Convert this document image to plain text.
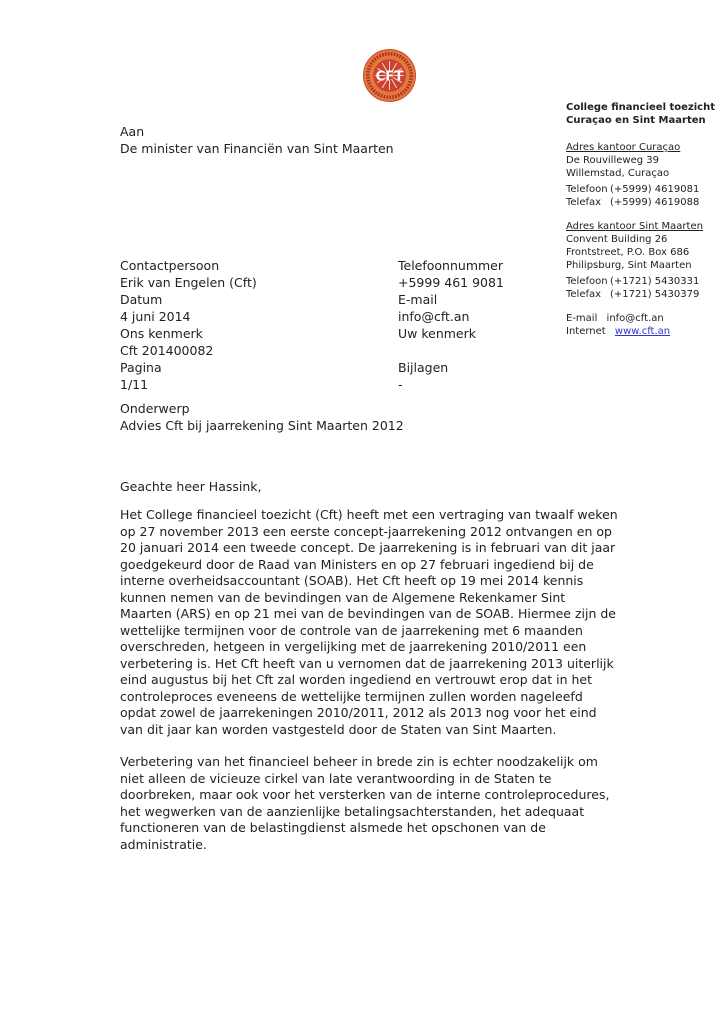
CFT
College financieel toezicht
Curaçao en Sint Maarten
Adres kantoor Curaçao
De Rouvilleweg 39
Willemstad, Curaçao
Telefoon (+5999) 4619081
Telefax (+5999) 4619088
Adres kantoor Sint Maarten
Convent Building 26
Frontstreet, P.O. Box 686
Philipsburg, Sint Maarten
Telefoon (+1721) 5430331
Telefax (+1721) 5430379
E-mail info@cft.an
Internet www.cft.an
Aan
De minister van Financiën van Sint Maarten
Contactpersoon	Telefoonnummer
Erik van Engelen (Cft)	+5999 461 9081
Datum	E-mail
4 juni 2014	info@cft.an
Ons kenmerk	Uw kenmerk
Cft 201400082
Pagina	Bijlagen
1/11	-
Onderwerp
Advies Cft bij jaarrekening Sint Maarten 2012
Geachte heer Hassink,

Het College financieel toezicht (Cft) heeft met een vertraging van twaalf weken op 27 november 2013 een eerste concept-jaarrekening 2012 ontvangen en op 20 januari 2014 een tweede concept. De jaarrekening is in februari van dit jaar goedgekeurd door de Raad van Ministers en op 27 februari ingediend bij de interne overheidsaccountant (SOAB). Het Cft heeft op 19 mei 2014 kennis kunnen nemen van de bevindingen van de Algemene Rekenkamer Sint Maarten (ARS) en op 21 mei van de bevindingen van de SOAB. Hiermee zijn de wettelijke termijnen voor de controle van de jaarrekening met 6 maanden overschreden, hetgeen in vergelijking met de jaarrekening 2010/2011 een verbetering is. Het Cft heeft van u vernomen dat de jaarrekening 2013 uiterlijk eind augustus bij het Cft zal worden ingediend en vertrouwt erop dat in het controleproces eveneens de wettelijke termijnen zullen worden nageleefd opdat zowel de jaarrekeningen 2010/2011, 2012 als 2013 nog voor het eind van dit jaar kan worden vastgesteld door de Staten van Sint Maarten.

Verbetering van het financieel beheer in brede zin is echter noodzakelijk om niet alleen de vicieuze cirkel van late verantwoording in de Staten te doorbreken, maar ook voor het versterken van de interne controleprocedures, het wegwerken van de aanzienlijke betalingsachterstanden, het adequaat functioneren van de belastingdienst alsmede het opschonen van de administratie.
